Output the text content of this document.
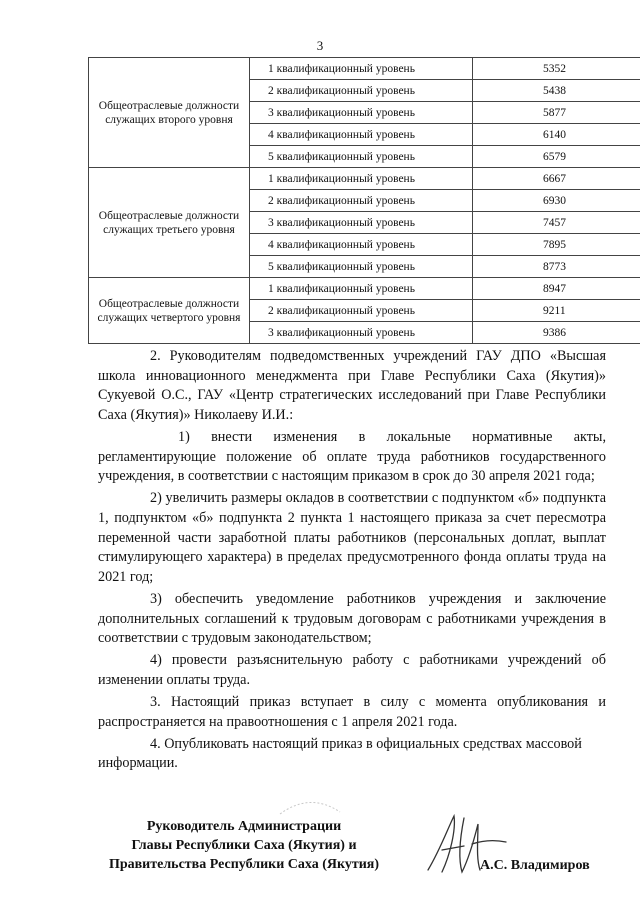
3
Общеотраслевые должности служащих второго уровня	1 квалификационный уровень	5352
	2 квалификационный уровень	5438
	3 квалификационный уровень	5877
	4 квалификационный уровень	6140
	5 квалификационный уровень	6579
Общеотраслевые должности служащих третьего уровня	1 квалификационный уровень	6667
	2 квалификационный уровень	6930
	3 квалификационный уровень	7457
	4 квалификационный уровень	7895
	5 квалификационный уровень	8773
Общеотраслевые должности служащих четвертого уровня	1 квалификационный уровень	8947
	2 квалификационный уровень	9211
	3 квалификационный уровень	9386

2. Руководителям подведомственных учреждений ГАУ ДПО «Высшая школа инновационного менеджмента при Главе Республики Саха (Якутия)» Сукуевой О.С., ГАУ «Центр стратегических исследований при Главе Республики Саха (Якутия)» Николаеву И.И.:

1) внести изменения в локальные нормативные акты, регламентирующие положение об оплате труда работников государственного учреждения, в соответствии с настоящим приказом в срок до 30 апреля 2021 года;

2) увеличить размеры окладов в соответствии с подпунктом «б» подпункта 1, подпунктом «б» подпункта 2 пункта 1 настоящего приказа за счет пересмотра переменной части заработной платы работников (персональных доплат, выплат стимулирующего характера) в пределах предусмотренного фонда оплаты труда на 2021 год;

3) обеспечить уведомление работников учреждения и заключение дополнительных соглашений к трудовым договорам с работниками учреждения в соответствии с трудовым законодательством;

4) провести разъяснительную работу с работниками учреждений об изменении оплаты труда.

3. Настоящий приказ вступает в силу с момента опубликования и распространяется на правоотношения с 1 апреля 2021 года.

4. Опубликовать настоящий приказ в официальных средствах массовой информации.

Руководитель Администрации
Главы Республики Саха (Якутия) и
Правительства Республики Саха (Якутия)	А.С. Владимиров
